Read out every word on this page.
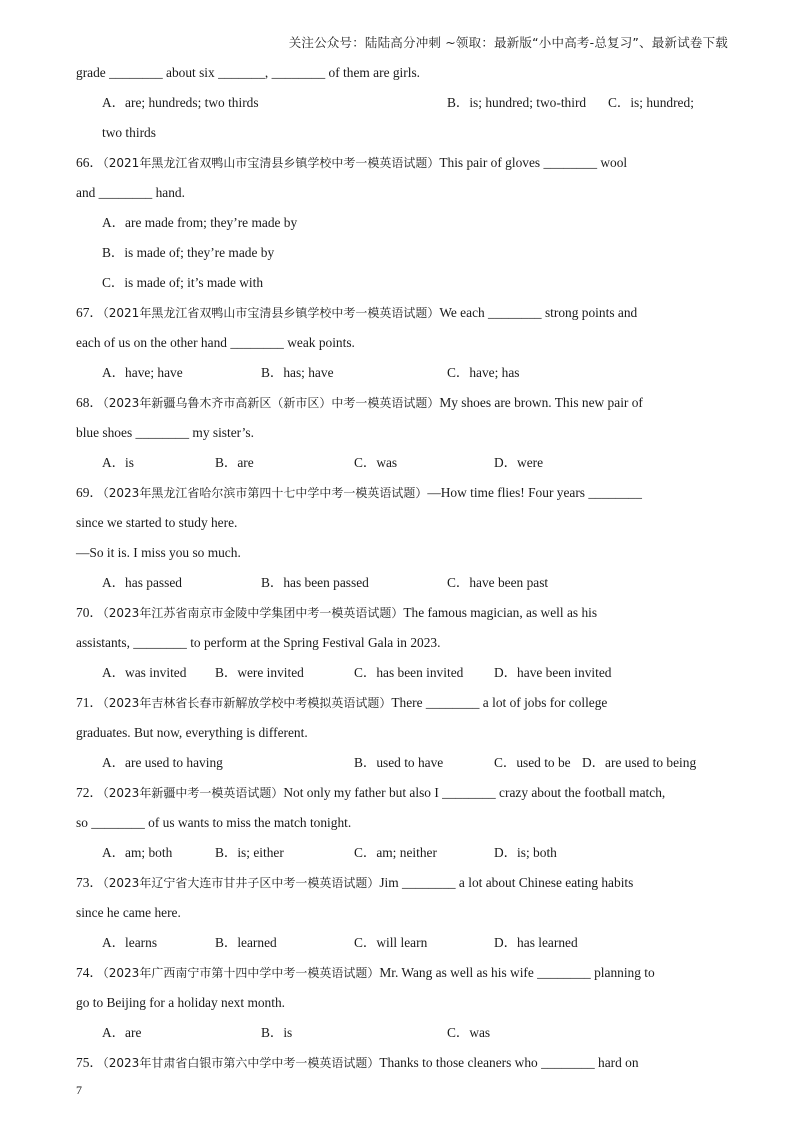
关注公众号：陆陆高分冲刺 ~领取：最新版“小中高考-总复习”、最新试卷下载
grade ________ about six _______, ________ of them are girls.
A．are; hundreds; two thirds	B．is; hundred; two-third C．is; hundred;
two thirds
66．（2021年黑龙江省双鸭山市宝清县乡镇学校中考一模英语试题）This pair of gloves ________ wool
and ________ hand.
A．are made from; they’re made by
B．is made of; they’re made by
C．is made of; it’s made with
67．（2021年黑龙江省双鸭山市宝清县乡镇学校中考一模英语试题）We each ________ strong points and
each of us on the other hand ________ weak points.
A．have; have	B．has; have	C．have; has
68．（2023年新疆乌鲁木齐市高新区（新市区）中考一模英语试题）My shoes are brown. This new pair of
blue shoes ________ my sister’s.
A．is	B．are	C．was	D．were
69．（2023年黑龙江省哈尔滨市第四十七中学中考一模英语试题）—How time flies! Four years ________
since we started to study here.
—So it is. I miss you so much.
A．has passed	B．has been passed	C．have been past
70．（2023年江苏省南京市金陵中学集团中考一模英语试题）The famous magician, as well as his
assistants, ________ to perform at the Spring Festival Gala in 2023.
A．was invited B．were invited	C．has been invited D．have been invited
71．（2023年吉林省长春市新解放学校中考模拟英语试题）There ________ a lot of jobs for college
graduates. But now, everything is different.
A．are used to having	B．used to have	C．used to be D．are used to being
72．（2023年新疆中考一模英语试题）Not only my father but also I ________ crazy about the football match,
so ________ of us wants to miss the match tonight.
A．am; both	B．is; either	C．am; neither	D．is; both
73．（2023年辽宁省大连市甘井子区中考一模英语试题）Jim ________ a lot about Chinese eating habits
since he came here.
A．learns	B．learned	C．will learn	D．has learned
74．（2023年广西南宁市第十四中学中考一模英语试题）Mr. Wang as well as his wife ________ planning to
go to Beijing for a holiday next month.
A．are	B．is	C．was
75．（2023年甘肃省白银市第六中学中考一模英语试题）Thanks to those cleaners who ________ hard on
7
